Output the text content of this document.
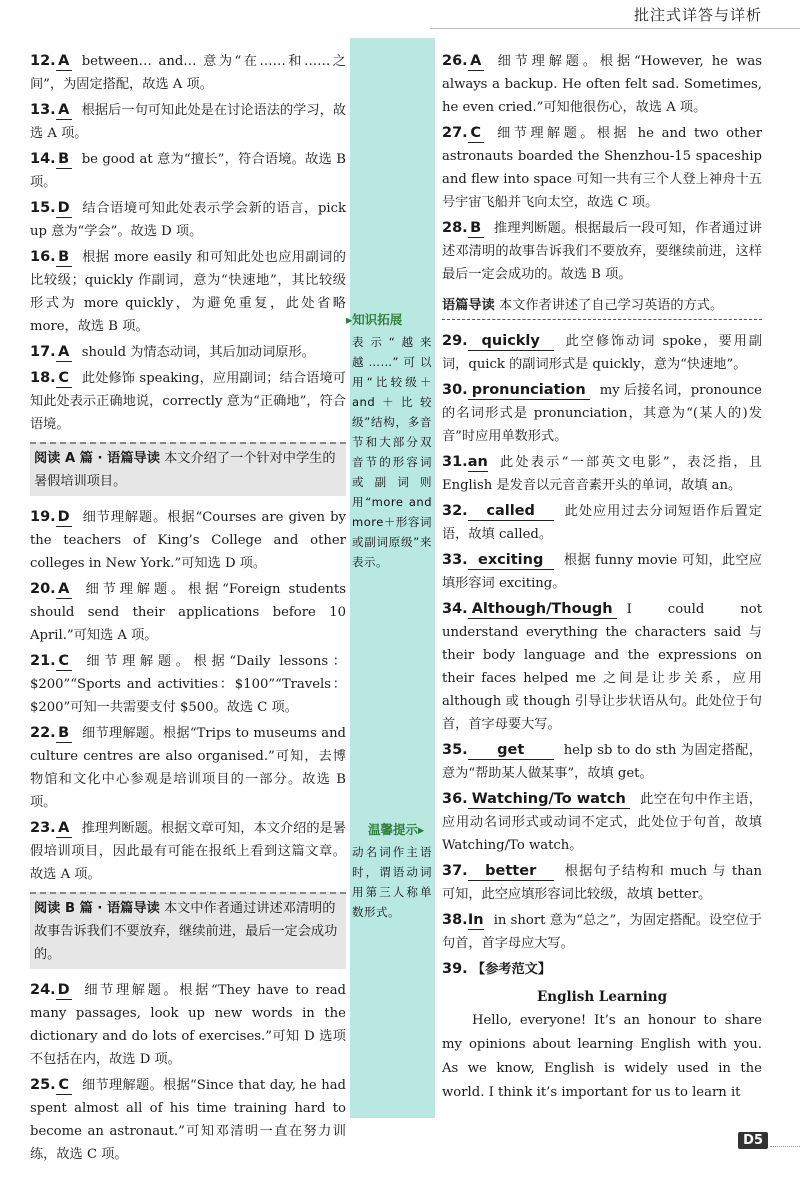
批注式详答与详析
▸知识拓展
表示“越来越……”可以用“比较级＋and＋比较级”结构，多音节和大部分双音节的形容词或副词则用“more and more＋形容词或副词原级”来表示。
温馨提示▸
动名词作主语时，谓语动词用第三人称单数形式。
12. A between… and… 意为“在……和……之间”，为固定搭配，故选 A 项。
13. A 根据后一句可知此处是在讨论语法的学习，故选 A 项。
14. B be good at 意为“擅长”，符合语境。故选 B 项。
15. D 结合语境可知此处表示学会新的语言，pick up 意为“学会”。故选 D 项。
16. B 根据 more easily 和可知此处也应用副词的比较级；quickly 作副词，意为“快速地”，其比较级形式为 more quickly，为避免重复，此处省略 more，故选 B 项。
17. A should 为情态动词，其后加动词原形。
18. C 此处修饰 speaking，应用副词；结合语境可知此处表示正确地说，correctly 意为“正确地”，符合语境。
阅读 A 篇 · 语篇导读 本文介绍了一个针对中学生的暑假培训项目。
19. D 细节理解题。根据“Courses are given by the teachers of King’s College and other colleges in New York.”可知选 D 项。
20. A 细节理解题。根据“Foreign students should send their applications before 10 April.”可知选 A 项。
21. C 细节理解题。根据“Daily lessons：$200”“Sports and activities：$100”“Travels：$200”可知一共需要支付 $500。故选 C 项。
22. B 细节理解题。根据“Trips to museums and culture centres are also organised.”可知，去博物馆和文化中心参观是培训项目的一部分。故选 B 项。
23. A 推理判断题。根据文章可知，本文介绍的是暑假培训项目，因此最有可能在报纸上看到这篇文章。故选 A 项。
阅读 B 篇 · 语篇导读 本文中作者通过讲述邓清明的故事告诉我们不要放弃，继续前进，最后一定会成功的。
24. D 细节理解题。根据“They have to read many passages, look up new words in the dictionary and do lots of exercises.”可知 D 选项不包括在内，故选 D 项。
25. C 细节理解题。根据“Since that day, he had spent almost all of his time training hard to become an astronaut.”可知邓清明一直在努力训练，故选 C 项。
26. A 细节理解题。根据“However, he was always a backup. He often felt sad. Sometimes, he even cried.”可知他很伤心，故选 A 项。
27. C 细节理解题。根据 he and two other astronauts boarded the Shenzhou-15 spaceship and flew into space 可知一共有三个人登上神舟十五号宇宙飞船并飞向太空，故选 C 项。
28. B 推理判断题。根据最后一段可知，作者通过讲述邓清明的故事告诉我们不要放弃，要继续前进，这样最后一定会成功的。故选 B 项。
语篇导读 本文作者讲述了自己学习英语的方式。
29. quickly 此空修饰动词 spoke，要用副词，quick 的副词形式是 quickly，意为“快速地”。
30. pronunciation my 后接名词，pronounce 的名词形式是 pronunciation，其意为“(某人的)发音”时应用单数形式。
31.an 此处表示“一部英文电影”，表泛指，且 English 是发音以元音音素开头的单词，故填 an。
32. called 此处应用过去分词短语作后置定语，故填 called。
33. exciting 根据 funny movie 可知，此空应填形容词 exciting。
34. Although/Though I could not understand everything the characters said 与 their body language and the expressions on their faces helped me 之间是让步关系，应用 although 或 though 引导让步状语从句。此处位于句首，首字母要大写。
35. get	help sb to do sth 为固定搭配，意为“帮助某人做某事”，故填 get。
36. Watching/To watch 此空在句中作主语，应用动名词形式或动词不定式，此处位于句首，故填 Watching/To watch。
37. better 根据句子结构和 much 与 than 可知，此空应填形容词比较级，故填 better。
38.In in short 意为“总之”，为固定搭配。设空位于句首，首字母应大写。
39. 【参考范文】
English Learning
Hello, everyone! It’s an honour to share my opinions about learning English with you. As we know, English is widely used in the world. I think it’s important for us to learn it
D5
